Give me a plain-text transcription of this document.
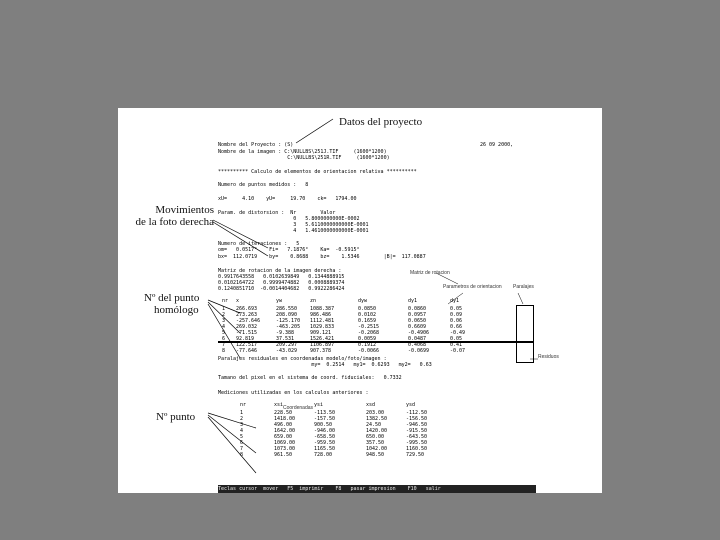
Datos del proyecto
Movimientos
de la foto derecha
Nº del punto
homólogo
Nº punto
Matriz de rotacion
Parametros de orientacion Paralajes
Residuos
Coordenadas

Nombre del Proyecto : (S)

	26 09 2000,

Nombre de la imagen : C:\NULLBS\251J.TIF     (1600*1200)

C:\NULLBS\251R.TIF     (1600*1200)

********** Calculo de elementos de orientacion relativa **********

Numero de puntos medidos :   8

xU=     4.10    yU=     19.70    ck=   1794.00

Param. de distorsion :  Nr        Valor

0   5.8000000000E-0002

3   5.6110000000000E-0001

4   1.4610000000000E-0001

Numero de iteraciones :   5

om=   0.0517°    Fi=   7.1876°    Ka=  -0.5915°

bx=  112.0719    by=    0.8688    bz=    1.5346        |B|=  117.0887

Matriz de rotacion de la imagen derecha :

0.9917643558   0.0102639849   0.1344888915

0.0102164722   0.9999474882   0.0008889374

0.1240851710  -0.0014404682   0.9922286424

nr x	yw	zn	dyw	dy1	dy1
1 266.693	286.550	1088.387	0.0850	0.0860	0.05
2 273.263	208.090	986.486	0.0102	0.0957	0.09
3 -257.646	-125.170 1112.481	0.1659	0.0650	0.06
4 269.032	-463.205 1029.833	-0.2515	0.6609	0.66
5 -71.515	-9.388	909.121	-0.2068	-0.4906	-0.49
6 92.819	37.531	1526.421	0.0059	0.0487	0.05
7 122.517	209.297	1106.897	0.1912	0.4068	0.41
8 -77.646	-43.029	907.378	-0.0066	-0.0699	-0.07

Paralajes residuales en coordenadas modelo/foto/imagen :

my=  0.2514   my1=  0.6293   my2=   0.63

Tamano del pixel en el sistema de coord. fiduciales:   0.7332

Mediciones utilizadas en los calculos anteriores :

nr	xsi	ysi	xsd	ysd
1	228.50	-113.50	203.00	-112.50
2	1418.00	-157.50	1382.50	-156.50
3	496.00	900.50	24.50	-946.50
4	1642.00	-946.00	1420.00	-915.50
5	659.00	-658.50	650.00	-643.50
6	1069.00	-959.50	357.50	-995.50
7	1073.00	1165.50	1042.00	1160.50
8	961.50	728.00	948.50	729.50

Teclas cursor  mover   F5  imprimir    F8   pasar impresion    F10   salir
